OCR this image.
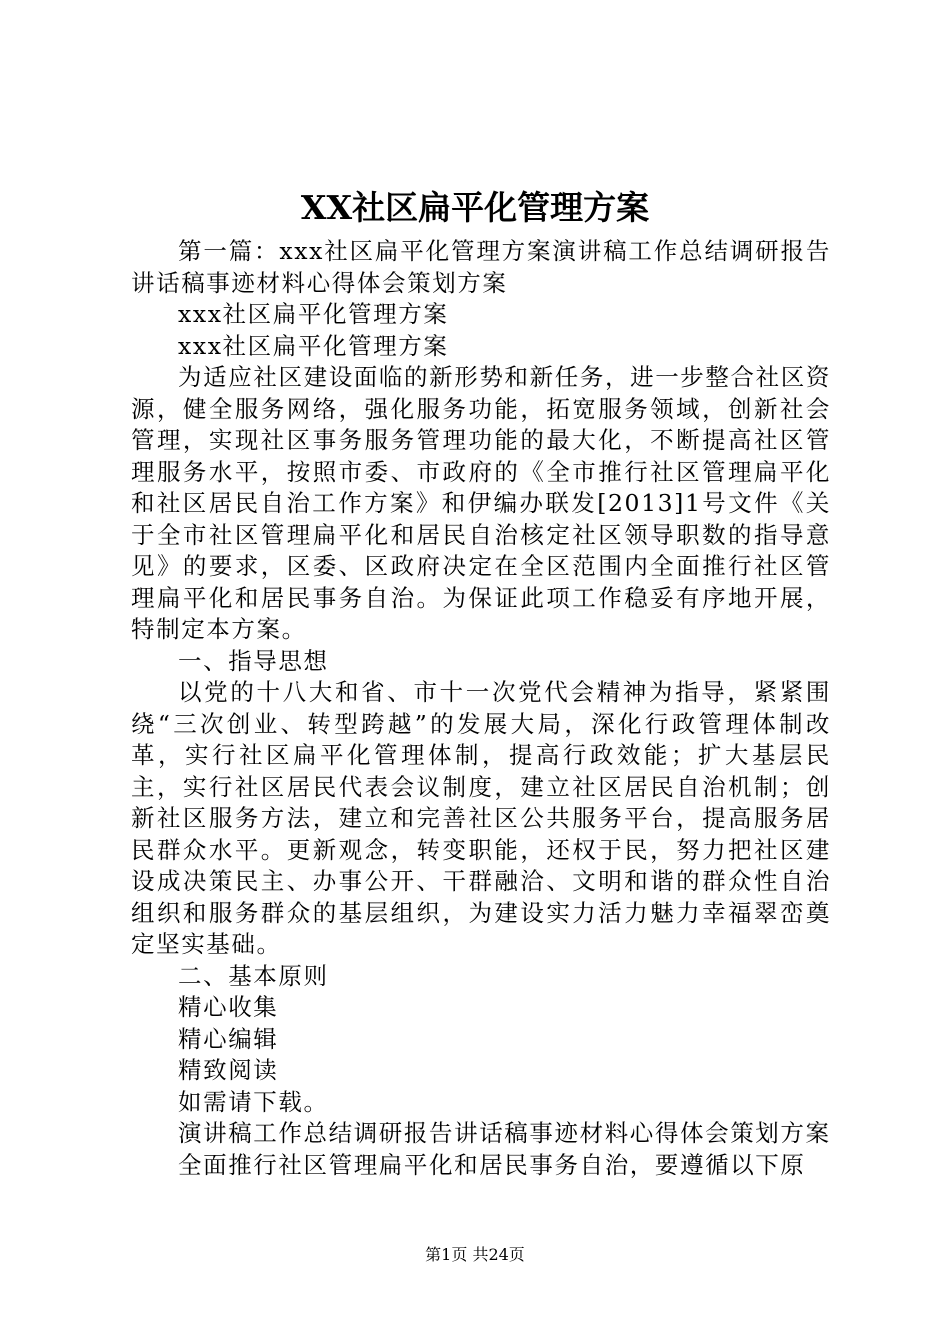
XX社区扁平化管理方案

第一篇：xxx社区扁平化管理方案演讲稿工作总结调研报告讲话稿事迹材料心得体会策划方案

xxx社区扁平化管理方案

xxx社区扁平化管理方案

为适应社区建设面临的新形势和新任务，进一步整合社区资源，健全服务网络，强化服务功能，拓宽服务领域，创新社会管理，实现社区事务服务管理功能的最大化，不断提高社区管理服务水平，按照市委、市政府的《全市推行社区管理扁平化和社区居民自治工作方案》和伊编办联发[2013]1号文件《关于全市社区管理扁平化和居民自治核定社区领导职数的指导意见》的要求，区委、区政府决定在全区范围内全面推行社区管理扁平化和居民事务自治。为保证此项工作稳妥有序地开展，特制定本方案。

一、指导思想

以党的十八大和省、市十一次党代会精神为指导，紧紧围绕“三次创业、转型跨越”的发展大局，深化行政管理体制改革，实行社区扁平化管理体制，提高行政效能；扩大基层民主，实行社区居民代表会议制度，建立社区居民自治机制；创新社区服务方法，建立和完善社区公共服务平台，提高服务居民群众水平。更新观念，转变职能，还权于民，努力把社区建设成决策民主、办事公开、干群融洽、文明和谐的群众性自治组织和服务群众的基层组织，为建设实力活力魅力幸福翠峦奠定坚实基础。

二、基本原则

精心收集

精心编辑

精致阅读

如需请下载。

演讲稿工作总结调研报告讲话稿事迹材料心得体会策划方案

全面推行社区管理扁平化和居民事务自治，要遵循以下原

第1页 共24页
